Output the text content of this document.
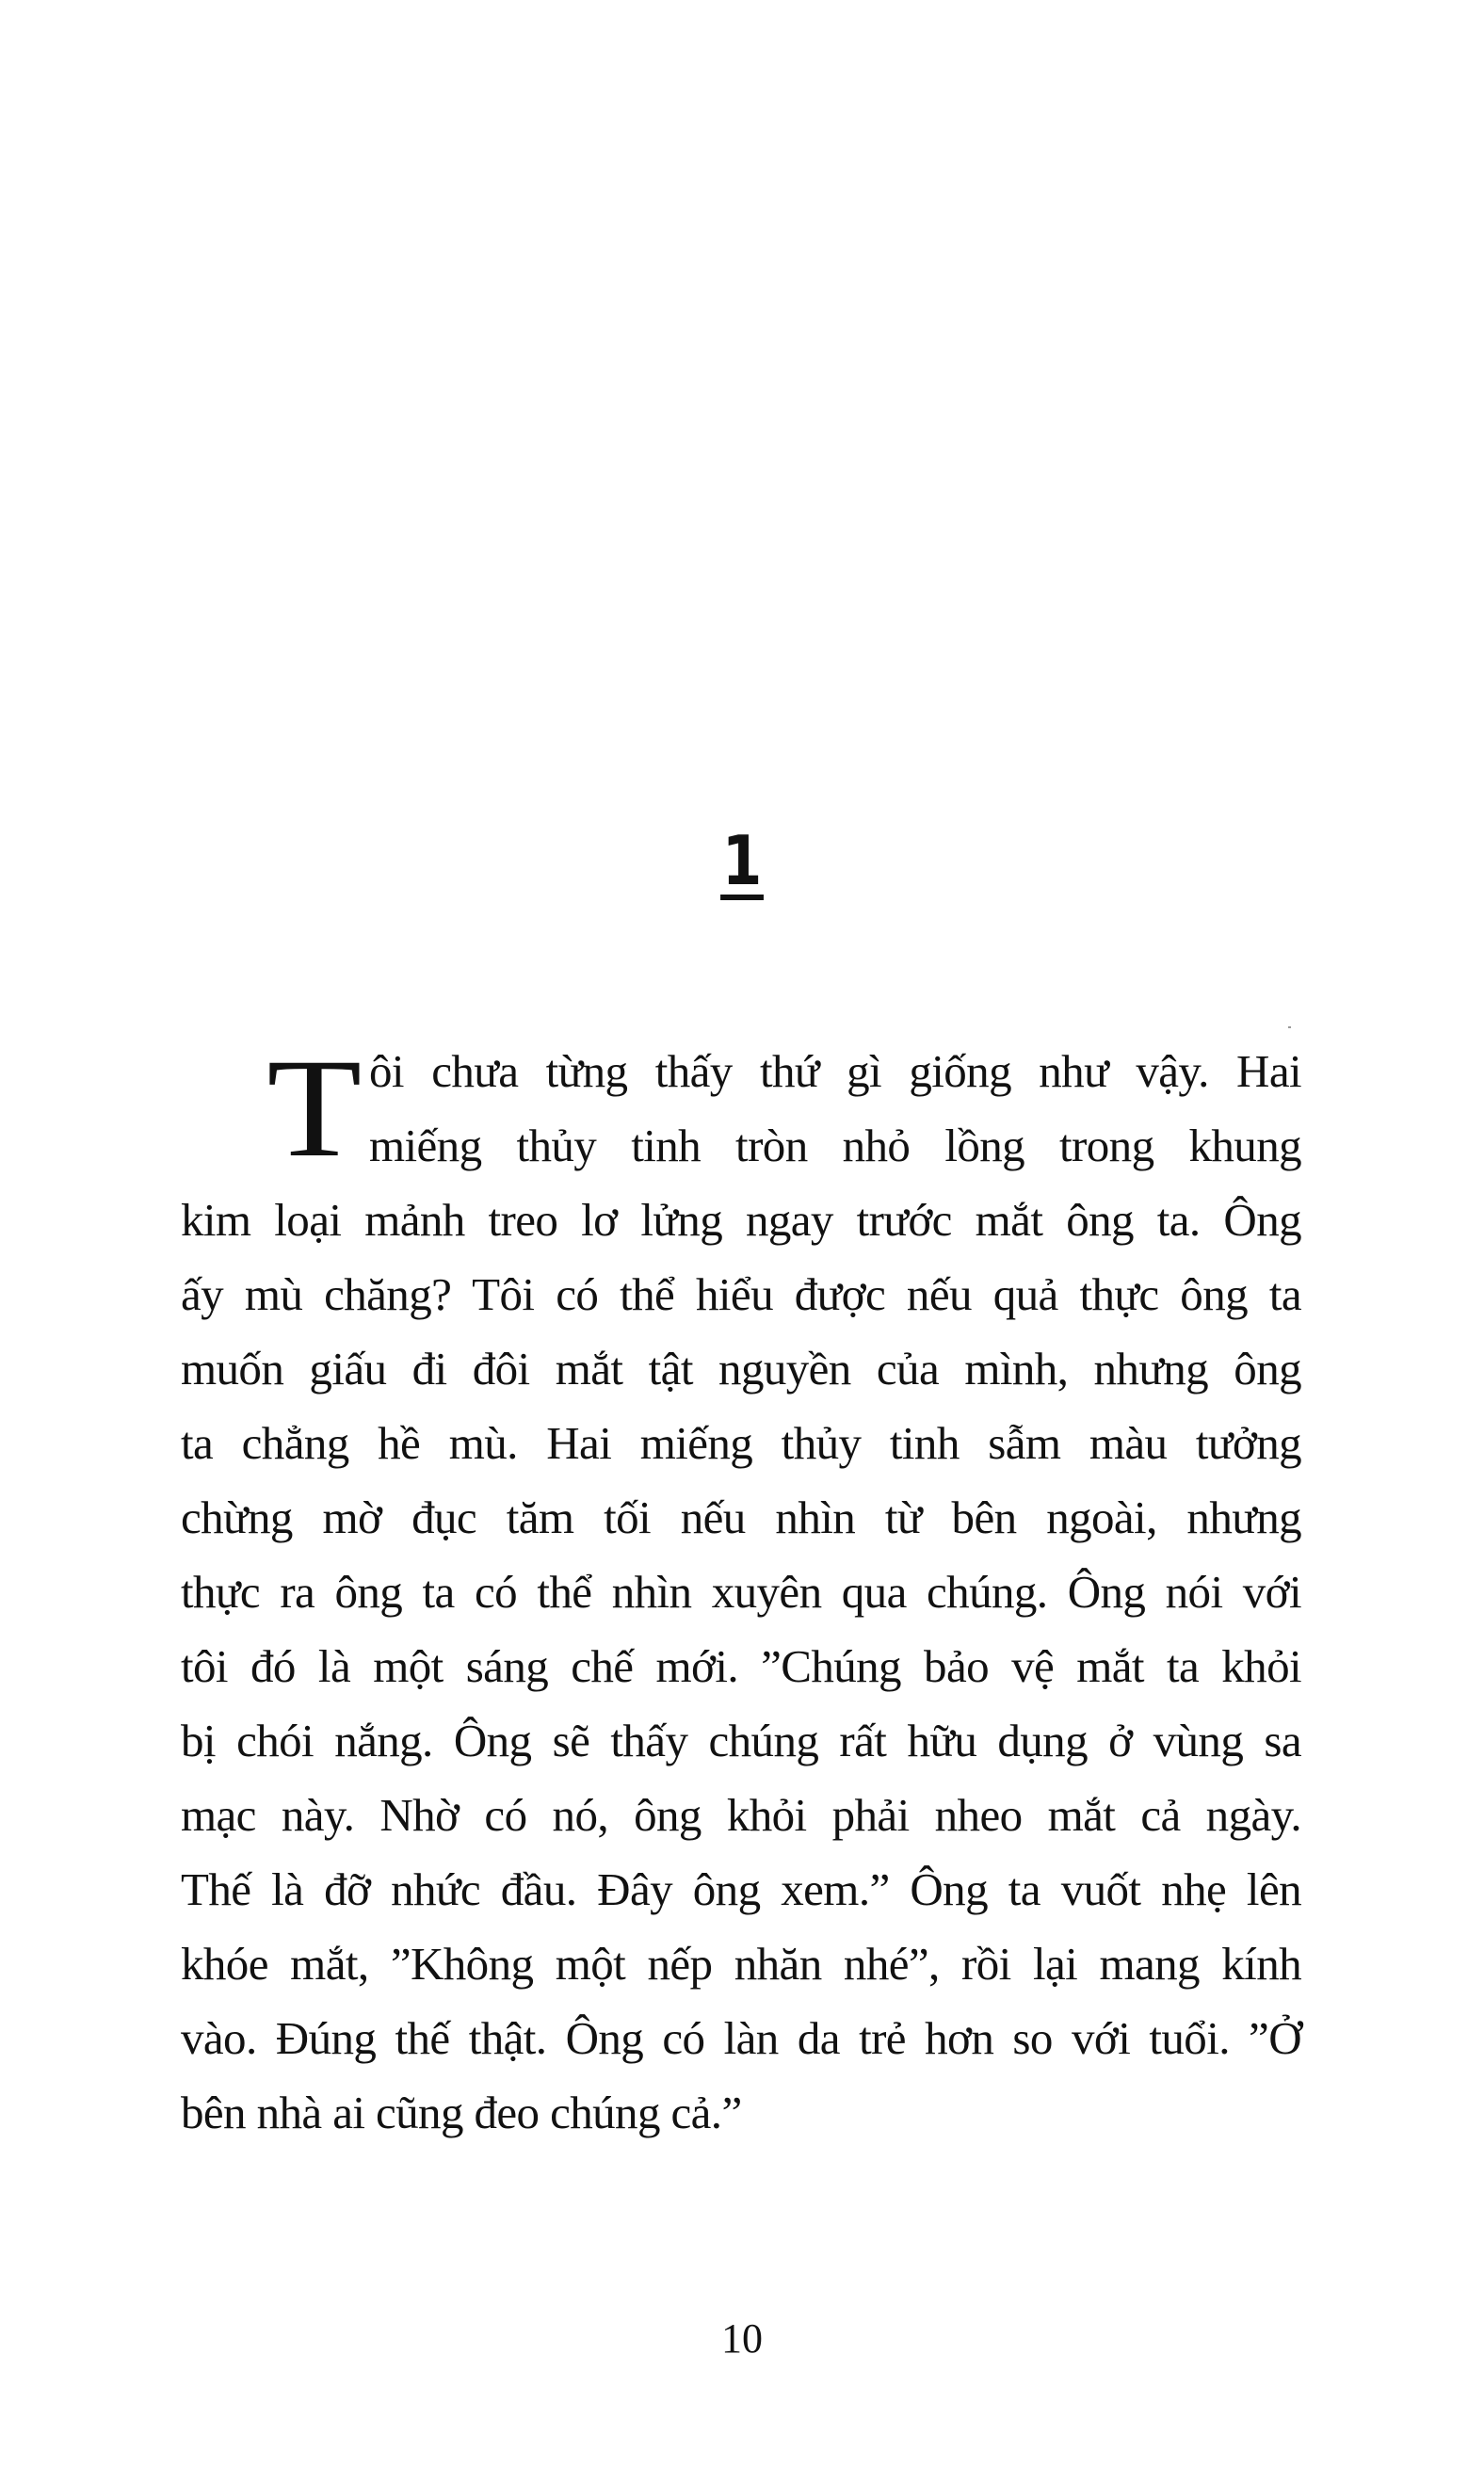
1
T ôi chưa từng thấy thứ gì giống như vậy. Hai
miếng thủy tinh tròn nhỏ lồng trong khung
kim loại mảnh treo lơ lửng ngay trước mắt ông ta. Ông
ấy mù chăng? Tôi có thể hiểu được nếu quả thực ông ta
muốn giấu đi đôi mắt tật nguyền của mình, nhưng ông
ta chẳng hề mù. Hai miếng thủy tinh sẫm màu tưởng
chừng mờ đục tăm tối nếu nhìn từ bên ngoài, nhưng
thực ra ông ta có thể nhìn xuyên qua chúng. Ông nói với
tôi đó là một sáng chế mới. ”Chúng bảo vệ mắt ta khỏi
bị chói nắng. Ông sẽ thấy chúng rất hữu dụng ở vùng sa
mạc này. Nhờ có nó, ông khỏi phải nheo mắt cả ngày.
Thế là đỡ nhức đầu. Đây ông xem.” Ông ta vuốt nhẹ lên
khóe mắt, ”Không một nếp nhăn nhé”, rồi lại mang kính
vào. Đúng thế thật. Ông có làn da trẻ hơn so với tuổi. ”Ở
bên nhà ai cũng đeo chúng cả.”
10
